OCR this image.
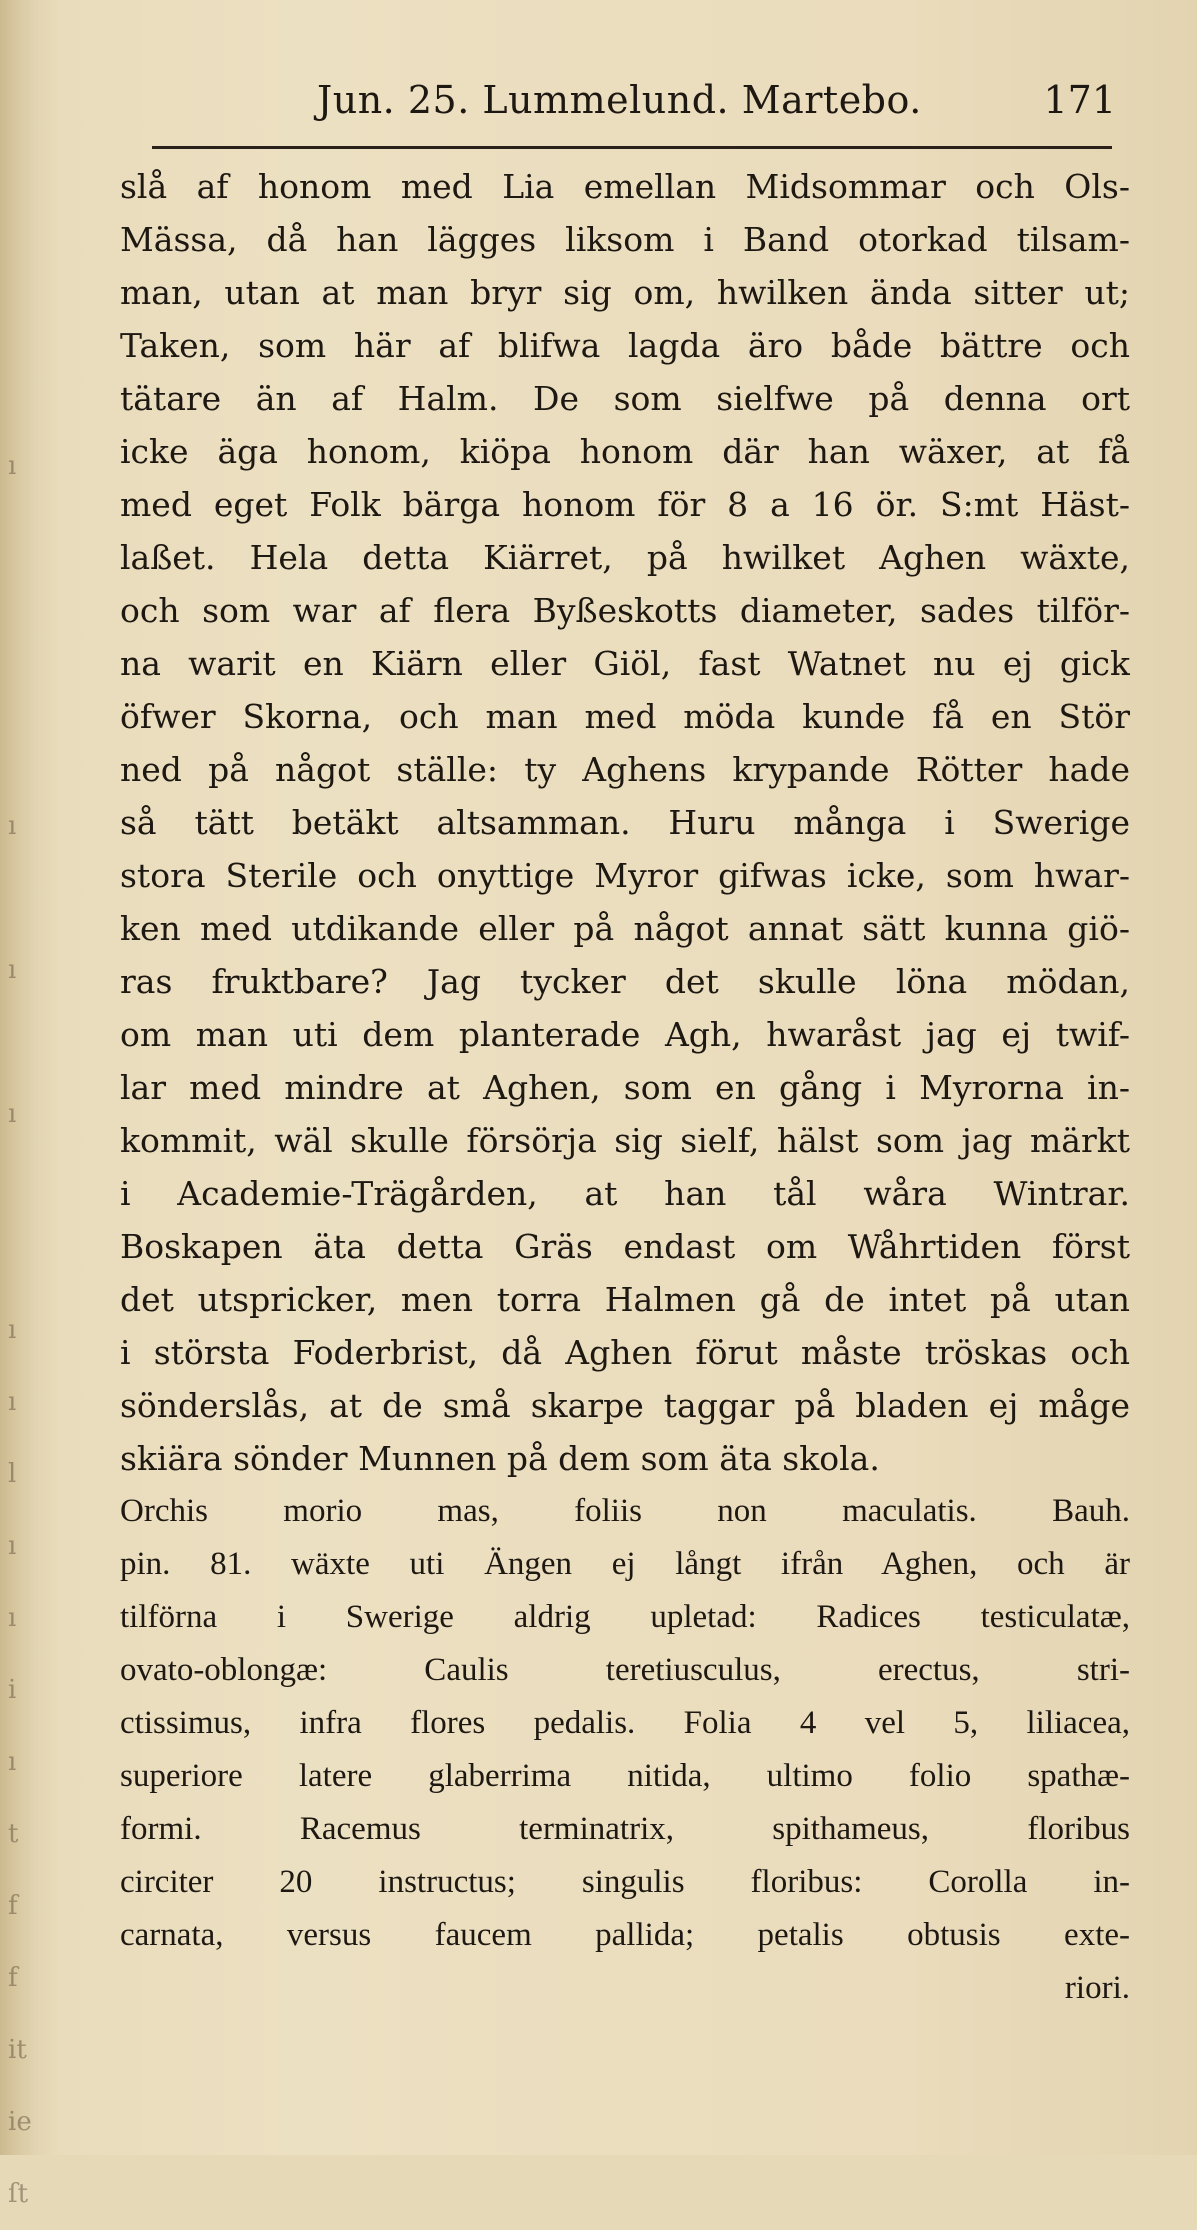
ı

ı

ı

ı

ı
ı
l
ı
ı
i
ı
t
f
f
it
ie
ſt
Jun. 25. Lummelund. Martebo.	171
slå af honom med Lia emellan Midsommar och Ols-
Mässa, då han lägges liksom i Band otorkad tilsam-
man, utan at man bryr sig om, hwilken ända sitter ut;
Taken, som här af blifwa lagda äro både bättre och
tätare än af Halm. De som sielfwe på denna ort
icke äga honom, kiöpa honom där han wäxer, at få
med eget Folk bärga honom för 8 a 16 ör. S:mt Häst-
laßet. Hela detta Kiärret, på hwilket Aghen wäxte,
och som war af flera Byßeskotts diameter, sades tilför-
na warit en Kiärn eller Giöl, fast Watnet nu ej gick
öfwer Skorna, och man med möda kunde få en Stör
ned på något ställe: ty Aghens krypande Rötter hade
så tätt betäkt altsamman. Huru många i Swerige
stora Sterile och onyttige Myror gifwas icke, som hwar-
ken med utdikande eller på något annat sätt kunna giö-
ras fruktbare? Jag tycker det skulle löna mödan,
om man uti dem planterade Agh, hwaråst jag ej twif-
lar med mindre at Aghen, som en gång i Myrorna in-
kommit, wäl skulle försörja sig sielf, hälst som jag märkt
i Academie-Trägården, at han tål wåra Wintrar.
Boskapen äta detta Gräs endast om Wåhrtiden först
det utspricker, men torra Halmen gå de intet på utan
i största Foderbrist, då Aghen förut måste tröskas och
sönderslås, at de små skarpe taggar på bladen ej måge
skiära sönder Munnen på dem som äta skola.
Orchis morio mas, foliis non maculatis. Bauh.
pin. 81. wäxte uti Ängen ej långt ifrån Aghen, och är
tilförna i Swerige aldrig upletad: Radices testiculatæ,
ovato-oblongæ: Caulis teretiusculus, erectus, stri-
ctissimus, infra flores pedalis. Folia 4 vel 5, liliacea,
superiore latere glaberrima nitida, ultimo folio spathæ-
formi. Racemus terminatrix, spithameus, floribus
circiter 20 instructus; singulis floribus: Corolla in-
carnata, versus faucem pallida; petalis obtusis exte-
riori.
